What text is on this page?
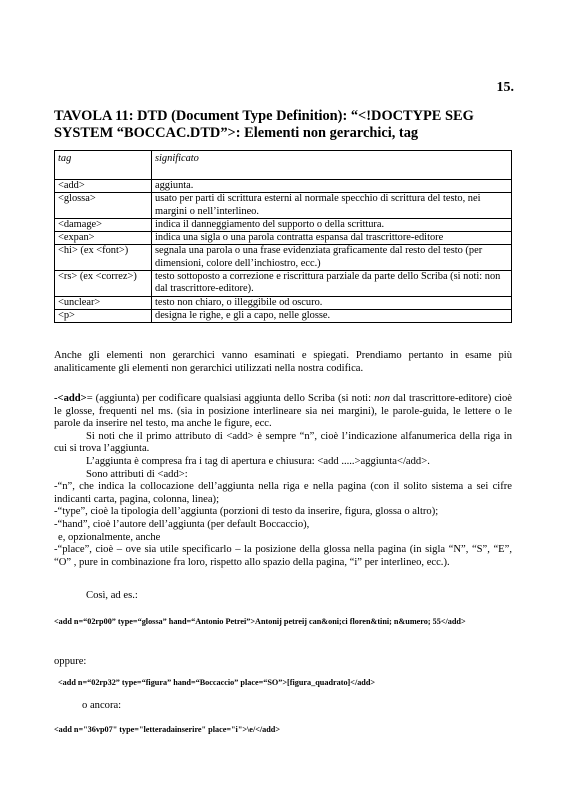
15.
TAVOLA 11: DTD (Document Type Definition): “<!DOCTYPE SEG SYSTEM “BOCCAC.DTD”>: Elementi non gerarchici, tag
tag	significato
<add>	aggiunta.
<glossa>	usato per parti di scrittura esterni al normale specchio di scrittura del testo, nei margini o nell’interlineo.
<damage>	indica il danneggiamento del supporto o della scrittura.
<expan>	indica una sigla o una parola contratta espansa dal trascrittore-editore
<hi> (ex <font>)	segnala una parola o una frase evidenziata graficamente dal resto del testo (per dimensioni, colore dell’inchiostro, ecc.)
<rs> (ex <correz>)	testo sottoposto a correzione e riscrittura parziale da parte dello Scriba (si noti: non dal trascrittore-editore).
<unclear>	testo non chiaro, o illeggibile od oscuro.
<p>	designa le righe, e gli a capo, nelle glosse.

Anche gli elementi non gerarchici vanno esaminati e spiegati. Prendiamo pertanto in esame più analiticamente gli elementi non gerarchici utilizzati nella nostra codifica.

-<add>= (aggiunta) per codificare qualsiasi aggiunta dello Scriba (si noti: non dal trascrittore-editore) cioè le glosse, frequenti nel ms. (sia in posizione interlineare sia nei margini), le parole-guida, le lettere o le parole da inserire nel testo, ma anche le figure, ecc.

Si noti che il primo attributo di <add> è sempre “n”, cioè l’indicazione alfanumerica della riga in cui si trova l’aggiunta.

L’aggiunta è compresa fra i tag di apertura e chiusura: <add .....>aggiunta</add>.

Sono attributi di <add>:

-“n”, che indica la collocazione dell’aggiunta nella riga e nella pagina (con il solito sistema a sei cifre indicanti carta, pagina, colonna, linea);

-“type”, cioè la tipologia dell’aggiunta (porzioni di testo da inserire, figura, glossa o altro);

-“hand”, cioè l’autore dell’aggiunta (per default Boccaccio),

e, opzionalmente, anche

-“place”, cioè – ove sia utile specificarlo – la posizione della glossa nella pagina (in sigla “N”, “S”, “E”, “O” , pure in combinazione fra loro, rispetto allo spazio della pagina, “i” per interlineo, ecc.).

Così, ad es.:

<add n=“02rp00” type=“glossa” hand=“Antonio Petrei”>Antonij petreij can&oni;ci floren&tini; n&umero; 55</add>

oppure:

<add n=“02rp32” type=“figura” hand=“Boccaccio” place=“SO”>[figura_quadrato]</add>

o ancora:

<add n="36vp07" type="letteradainserire" place="i">\e/</add>
